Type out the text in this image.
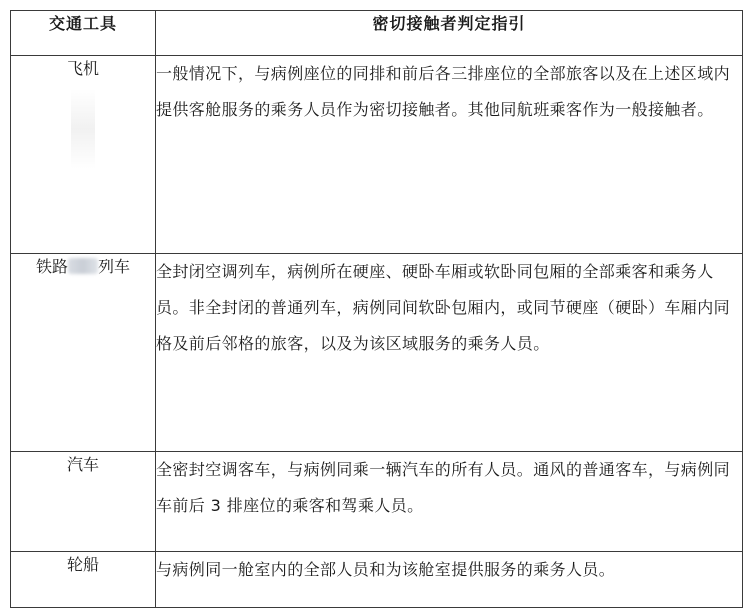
交通工具	密切接触者判定指引
飞机	一般情况下，与病例座位的同排和前后各三排座位的全部旅客以及在上述区域内提供客舱服务的乘务人员作为密切接触者。其他同航班乘客作为一般接触者。
铁路 列车	全封闭空调列车，病例所在硬座、硬卧车厢或软卧同包厢的全部乘客和乘务人员。非全封闭的普通列车，病例同间软卧包厢内，或同节硬座（硬卧）车厢内同格及前后邻格的旅客，以及为该区域服务的乘务人员。
汽车	全密封空调客车，与病例同乘一辆汽车的所有人员。通风的普通客车，与病例同车前后 3 排座位的乘客和驾乘人员。
轮船	与病例同一舱室内的全部人员和为该舱室提供服务的乘务人员。
